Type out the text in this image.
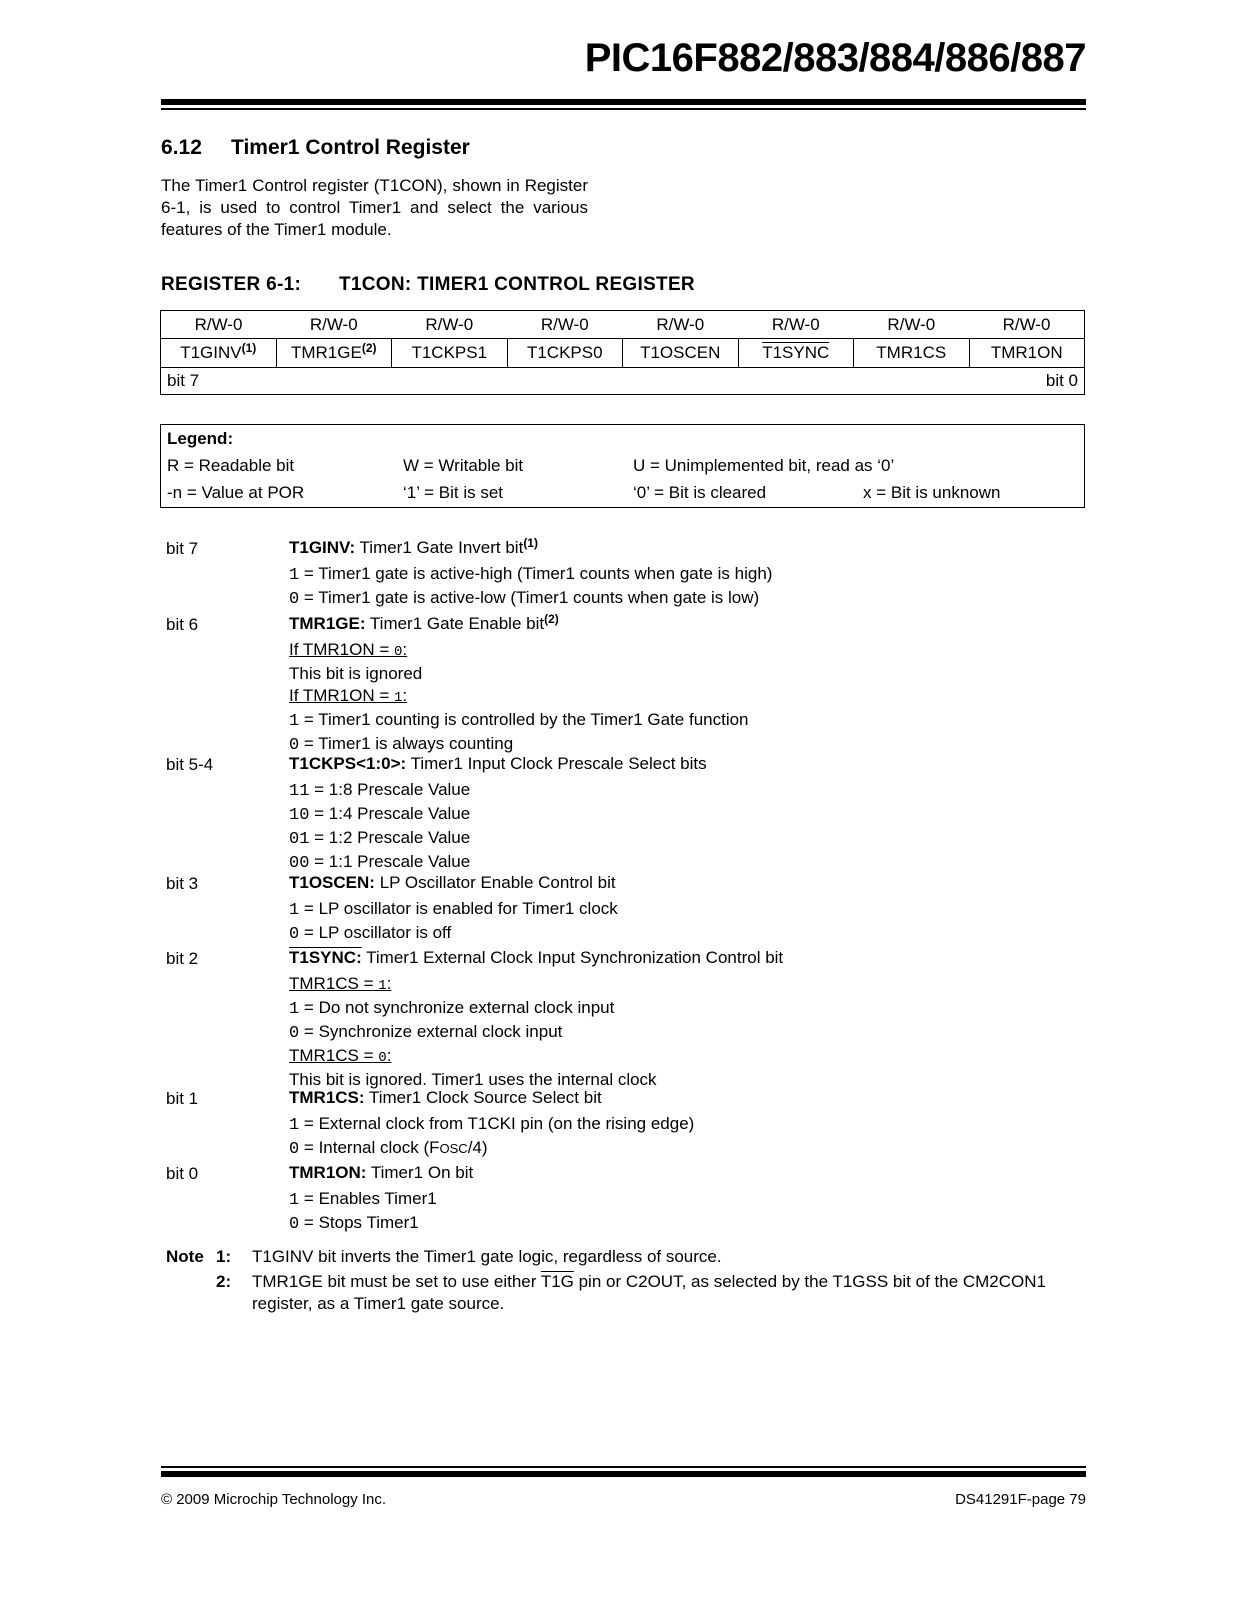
PIC16F882/883/884/886/887
6.12 Timer1 Control Register
The Timer1 Control register (T1CON), shown in Register 6-1, is used to control Timer1 and select the various features of the Timer1 module.
REGISTER 6-1: T1CON: TIMER1 CONTROL REGISTER
R/W-0	R/W-0	R/W-0	R/W-0	R/W-0	R/W-0	R/W-0	R/W-0
T1GINV$^{(1)}$	TMR1GE$^{(2)}$	T1CKPS1	T1CKPS0	T1OSCEN	T1SYNC	TMR1CS	TMR1ON
bit 7				bit 0			
Legend:
R = Readable bit	W = Writable bit	U = Unimplemented bit, read as ‘0’
-n = Value at POR	‘1’ = Bit is set	‘0’ = Bit is cleared	x = Bit is unknown
bit 7	T1GINV: Timer1 Gate Invert bit$^{(1)}$
1 = Timer1 gate is active-high (Timer1 counts when gate is high)
0 = Timer1 gate is active-low (Timer1 counts when gate is low)
bit 6	TMR1GE: Timer1 Gate Enable bit$^{(2)}$
If TMR1ON = 0:
This bit is ignored
If TMR1ON = 1:
1 = Timer1 counting is controlled by the Timer1 Gate function
0 = Timer1 is always counting
bit 5-4	T1CKPS<1:0>: Timer1 Input Clock Prescale Select bits
11 = 1:8 Prescale Value
10 = 1:4 Prescale Value
01 = 1:2 Prescale Value
00 = 1:1 Prescale Value
bit 3	T1OSCEN: LP Oscillator Enable Control bit
1 = LP oscillator is enabled for Timer1 clock
0 = LP oscillator is off
bit 2	T1SYNC: Timer1 External Clock Input Synchronization Control bit
TMR1CS = 1:
1 = Do not synchronize external clock input
0 = Synchronize external clock input
TMR1CS = 0:
This bit is ignored. Timer1 uses the internal clock
bit 1	TMR1CS: Timer1 Clock Source Select bit
1 = External clock from T1CKI pin (on the rising edge)
0 = Internal clock (FOSC/4)
bit 0	TMR1ON: Timer1 On bit
1 = Enables Timer1
0 = Stops Timer1
Note 1: T1GINV bit inverts the Timer1 gate logic, regardless of source.
2: TMR1GE bit must be set to use either T1G pin or C2OUT, as selected by the T1GSS bit of the CM2CON1 register, as a Timer1 gate source.
© 2009 Microchip Technology Inc.	DS41291F-page 79
